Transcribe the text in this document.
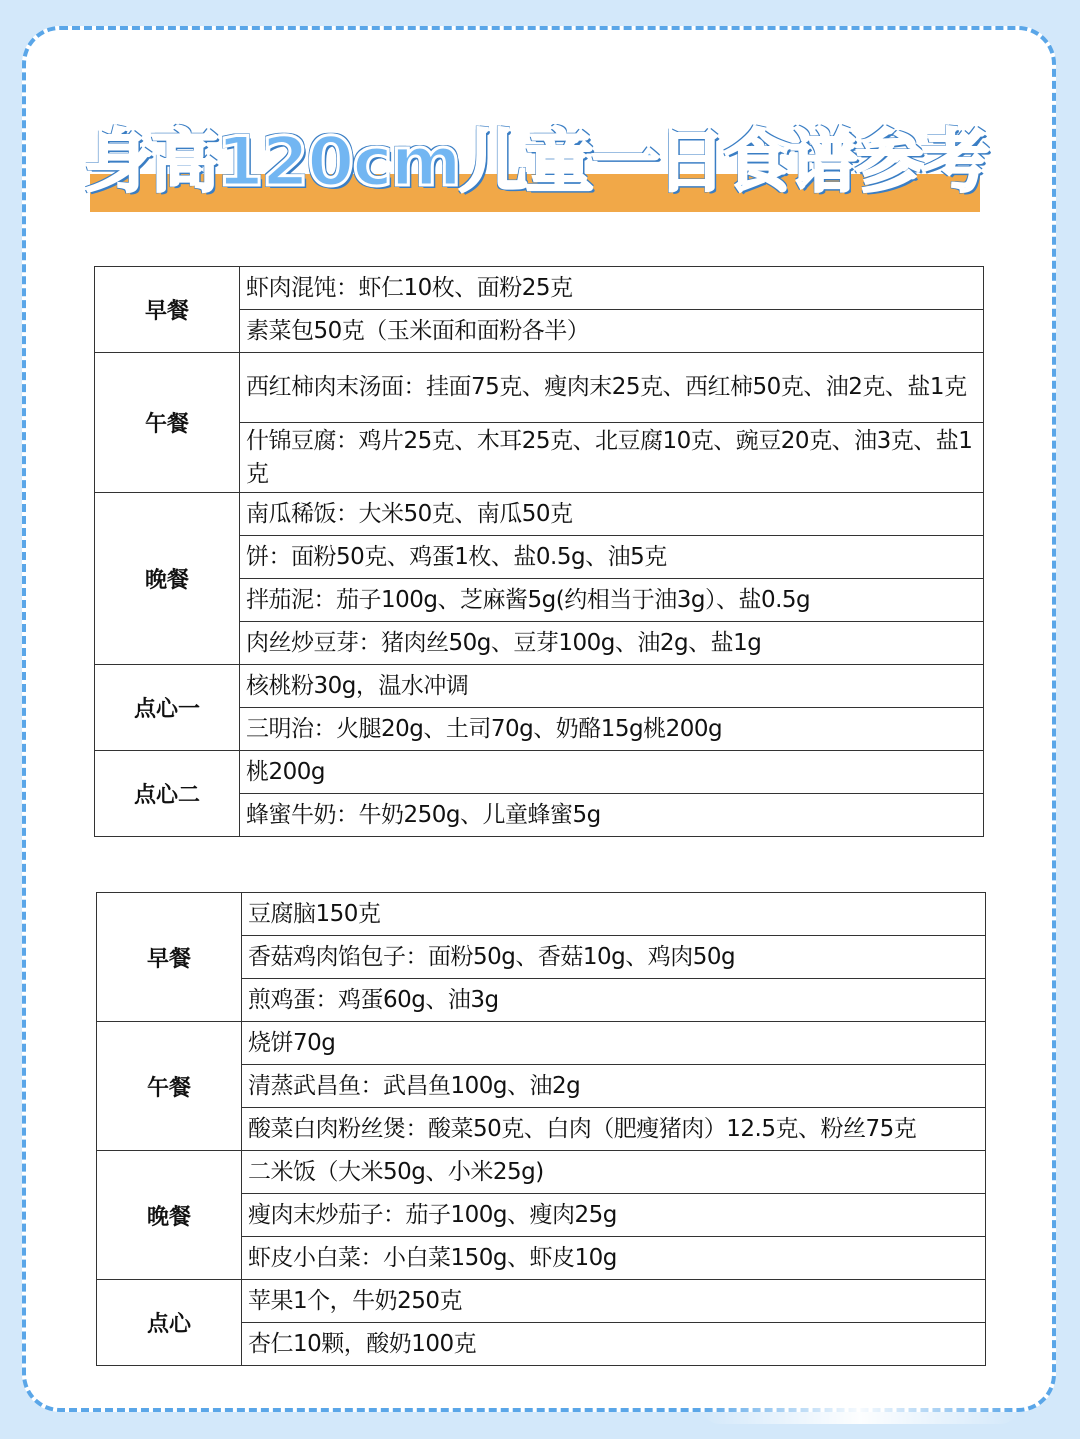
身高120cm儿童一日食谱参考
早餐	虾肉混饨：虾仁10枚、面粉25克
	素菜包50克（玉米面和面粉各半）
午餐	西红柿肉末汤面：挂面75克、瘦肉末25克、西红柿50克、油2克、盐1克
	什锦豆腐：鸡片25克、木耳25克、北豆腐10克、豌豆20克、油3克、盐1克
晚餐	南瓜稀饭：大米50克、南瓜50克
	饼：面粉50克、鸡蛋1枚、盐0.5g、油5克
	拌茄泥：茄子100g、芝麻酱5g(约相当于油3g）、盐0.5g
	肉丝炒豆芽：猪肉丝50g、豆芽100g、油2g、盐1g
点心一	核桃粉30g，温水冲调
	三明治：火腿20g、土司70g、奶酪15g桃200g
点心二	桃200g
	蜂蜜牛奶：牛奶250g、儿童蜂蜜5g
早餐	豆腐脑150克
	香菇鸡肉馅包子：面粉50g、香菇10g、鸡肉50g
	煎鸡蛋：鸡蛋60g、油3g
午餐	烧饼70g
	清蒸武昌鱼：武昌鱼100g、油2g
	酸菜白肉粉丝煲：酸菜50克、白肉（肥瘦猪肉）12.5克、粉丝75克
晚餐	二米饭（大米50g、小米25g)
	瘦肉末炒茄子：茄子100g、瘦肉25g
	虾皮小白菜：小白菜150g、虾皮10g
点心	苹果1个，牛奶250克
	杏仁10颗，酸奶100克
